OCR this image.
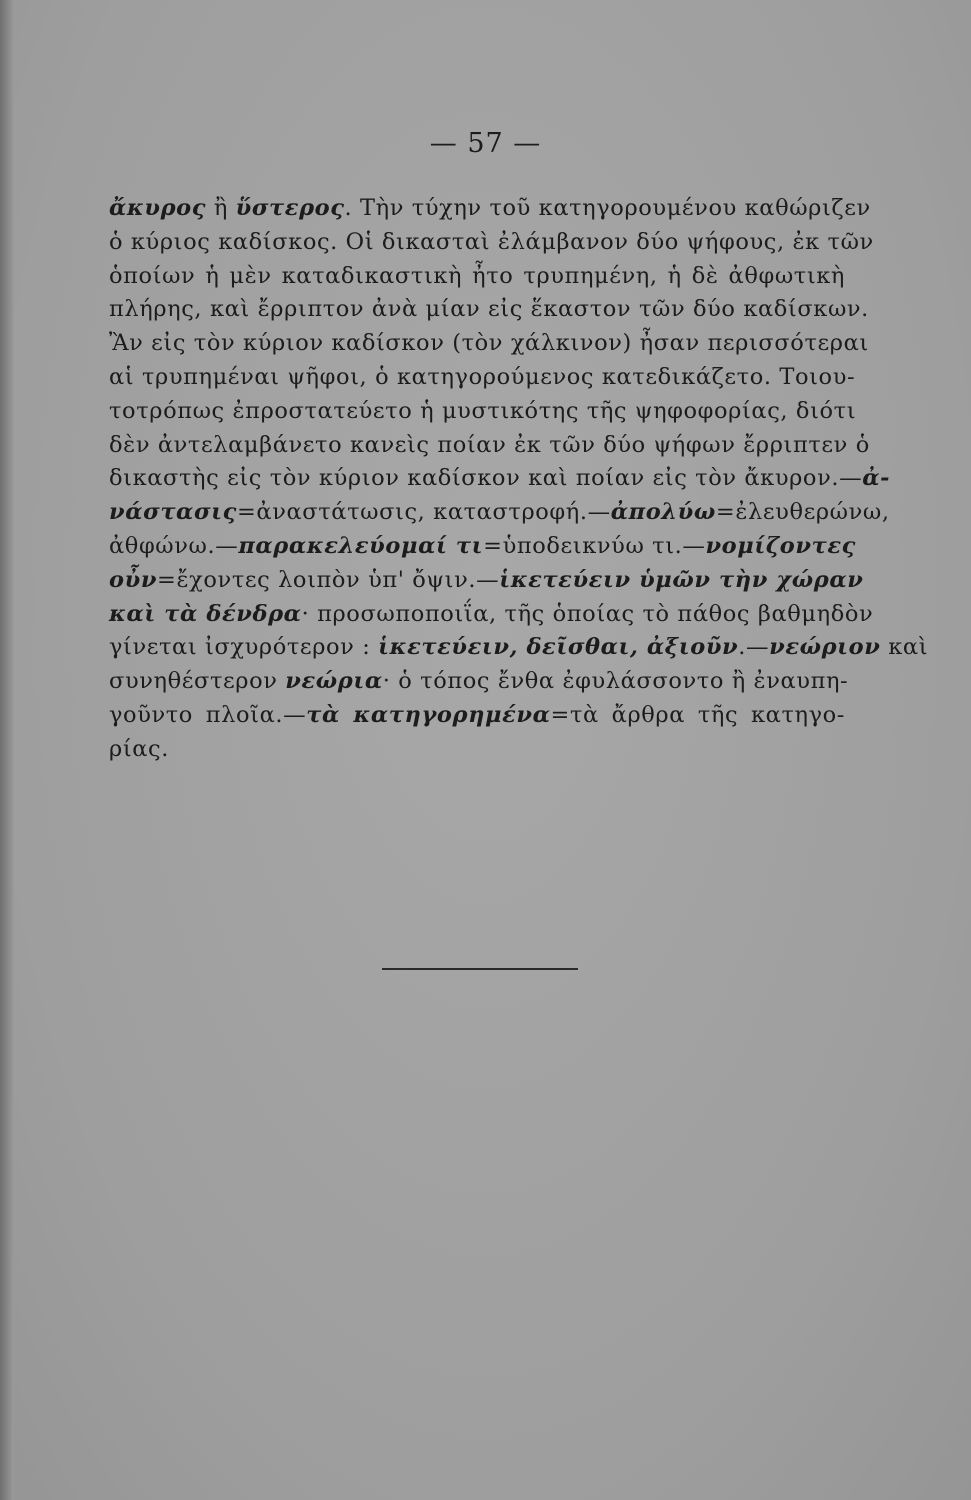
— 57 —
ἄκυρος ἢ ὕστερος. Τὴν τύχην τοῦ κατηγορουμένου καθώριζεν
ὁ κύριος καδίσκος. Οἱ δικασταὶ ἐλάμβανον δύο ψήφους, ἐκ τῶν
ὁποίων ἡ μὲν καταδικαστικὴ ἦτο τρυπημένη, ἡ δὲ ἀθφωτικὴ
πλήρης, καὶ ἔρριπτον ἀνὰ μίαν εἰς ἕκαστον τῶν δύο καδίσκων.
Ἂν εἰς τὸν κύριον καδίσκον (τὸν χάλκινον) ἦσαν περισσότεραι
αἱ τρυπημέναι ψῆφοι, ὁ κατηγορούμενος κατεδικάζετο. Τοιου-
τοτρόπως ἐπροστατεύετο ἡ μυστικότης τῆς ψηφοφορίας, διότι
δὲν ἀντελαμβάνετο κανεὶς ποίαν ἐκ τῶν δύο ψήφων ἔρριπτεν ὁ
δικαστὴς εἰς τὸν κύριον καδίσκον καὶ ποίαν εἰς τὸν ἄκυρον.—ἀ-
νάστασις=ἀναστάτωσις, καταστροφή.—ἀπολύω=ἐλευθερώνω,
ἀθφώνω.—παρακελεύομαί τι=ὑποδεικνύω τι.—νομίζοντες
οὖν=ἔχοντες λοιπὸν ὑπ' ὄψιν.—ἱκετεύειν ὑμῶν τὴν χώραν
καὶ τὰ δένδρα· προσωποποιΐα, τῆς ὁποίας τὸ πάθος βαθμηδὸν
γίνεται ἰσχυρότερον : ἱκετεύειν, δεῖσθαι, ἀξιοῦν.—νεώριον καὶ
συνηθέστερον νεώρια· ὁ τόπος ἔνθα ἐφυλάσσοντο ἢ ἐναυπη-
γοῦντο πλοῖα.—τὰ κατηγορημένα=τὰ ἄρθρα τῆς κατηγο-
ρίας.
